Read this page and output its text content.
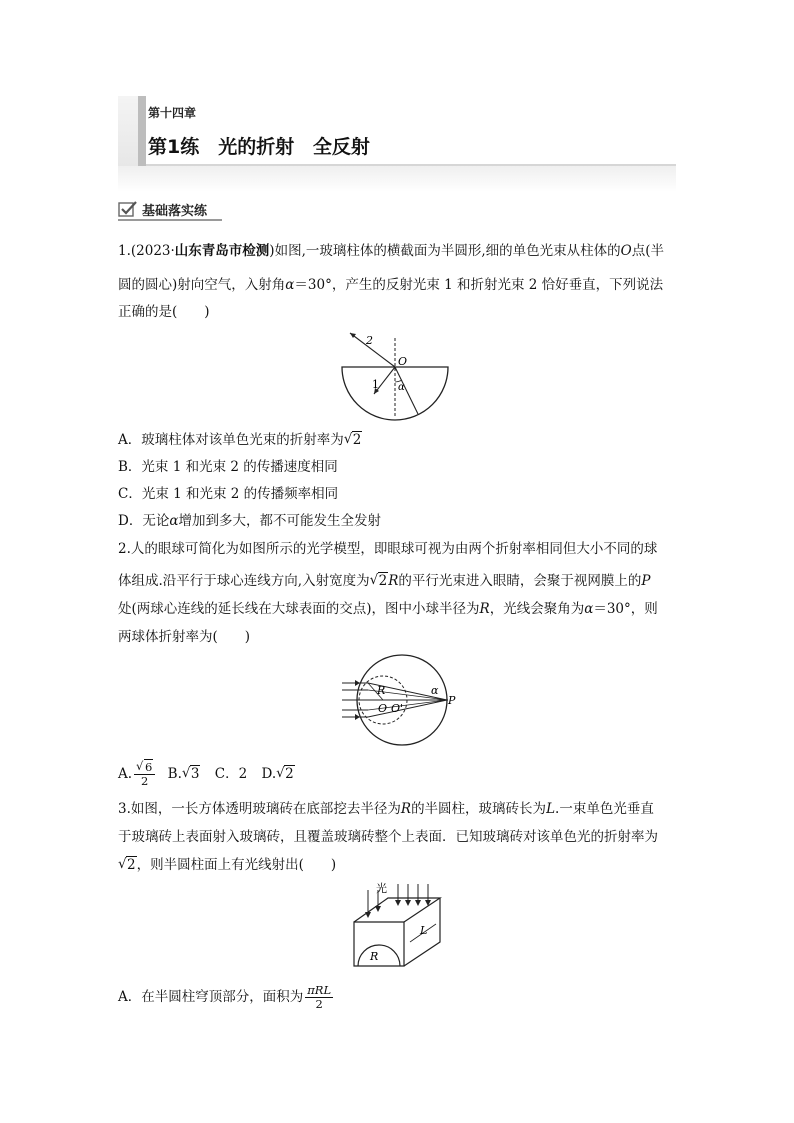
第十四章
第1练　光的折射 全反射
基础落实练
1.(2023·山东青岛市检测)如图,一玻璃柱体的横截面为半圆形,细的单色光束从柱体的O点(半
圆的圆心)射向空气，入射角α＝30°，产生的反射光束 1 和折射光束 2 恰好垂直，下列说法
正确的是(　　)
2
O
1 α
A．玻璃柱体对该单色光束的折射率为√ 2
B．光束 1 和光束 2 的传播速度相同
C．光束 1 和光束 2 的传播频率相同
D．无论α增加到多大，都不可能发生全发射
2.人的眼球可简化为如图所示的光学模型，即眼球可视为由两个折射率相同但大小不同的球
体组成.沿平行于球心连线方向,入射宽度为√ 2R的平行光束进入眼睛，会聚于视网膜上的P
处(两球心连线的延长线在大球表面的交点)，图中小球半径为R，光线会聚角为α＝30°，则
两球体折射率为(　　)
R	α
O O'
P
A.
√ $\frac{6}{2} B.√$ 3 C．2 D.√ 2
3.如图，一长方体透明玻璃砖在底部挖去半径为R的半圆柱，玻璃砖长为L.一束单色光垂直
于玻璃砖上表面射入玻璃砖，且覆盖玻璃砖整个上表面．已知玻璃砖对该单色光的折射率为
√ 2，则半圆柱面上有光线射出(　　)
光
L
R
A．在半圆柱穹顶部分，面积为 $\frac{\text{πRL}}{2}$
